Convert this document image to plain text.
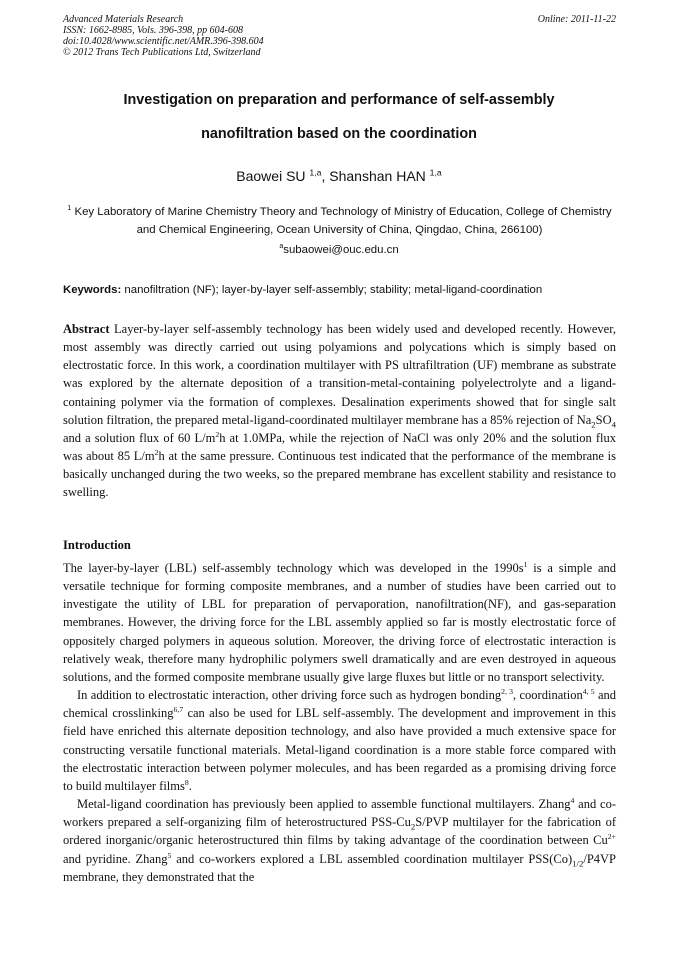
Advanced Materials Research
ISSN: 1662-8985, Vols. 396-398, pp 604-608
doi:10.4028/www.scientific.net/AMR.396-398.604
© 2012 Trans Tech Publications Ltd, Switzerland
Online: 2011-11-22
Investigation on preparation and performance of self-assembly
nanofiltration based on the coordination
Baowei SU $^{1,a}$, Shanshan HAN $^{1,a}$
$^1$ Key Laboratory of Marine Chemistry Theory and Technology of Ministry of Education, College of Chemistry and Chemical Engineering, Ocean University of China, Qingdao, China, 266100)
$^a$subaowei@ouc.edu.cn
Keywords: nanofiltration (NF); layer-by-layer self-assembly; stability; metal-ligand-coordination
Abstract Layer-by-layer self-assembly technology has been widely used and developed recently. However, most assembly was directly carried out using polyamions and polycations which is simply based on electrostatic force. In this work, a coordination multilayer with PS ultrafiltration (UF) membrane as substrate was explored by the alternate deposition of a transition-metal-containing polyelectrolyte and a ligand-containing polymer via the formation of complexes. Desalination experiments showed that for single salt solution filtration, the prepared metal-ligand-coordinated multilayer membrane has a 85% rejection of $Na_2SO_4$ and a solution flux of 60 $L/m^2h$ at 1.0MPa, while the rejection of NaCl was only 20% and the solution flux was about 85 $L/m^2h$ at the same pressure. Continuous test indicated that the performance of the membrane is basically unchanged during the two weeks, so the prepared membrane has excellent stability and resistance to swelling.
Introduction

The layer-by-layer (LBL) self-assembly technology which was developed in the $1990s^1$ is a simple and versatile technique for forming composite membranes, and a number of studies have been carried out to investigate the utility of LBL for preparation of pervaporation, nanofiltration(NF), and gas-separation membranes. However, the driving force for the LBL assembly applied so far is mostly electrostatic force of oppositely charged polymers in aqueous solution. Moreover, the driving force of electrostatic interaction is relatively weak, therefore many hydrophilic polymers swell dramatically and are even destroyed in aqueous solutions, and the formed composite membrane usually give large fluxes but little or no transport selectivity.

In addition to electrostatic interaction, other driving force such as hydrogen bonding$^{2, 3}$, coordination$^{4, 5}$ and chemical crosslinking$^{6,7}$ can also be used for LBL self-assembly. The development and improvement in this field have enriched this alternate deposition technology, and also have provided a much extensive space for constructing versatile functional materials. Metal-ligand coordination is a more stable force compared with the electrostatic interaction between polymer molecules, and has been regarded as a promising driving force to build multilayer films$^8$.

Metal-ligand coordination has previously been applied to assemble functional multilayers. Zhang$^4$ and co-workers prepared a self-organizing film of heterostructured PSS-$Cu_2S$/PVP multilayer for the fabrication of ordered inorganic/organic heterostructured thin films by taking advantage of the coordination between $Cu^{2+}$ and pyridine. Zhang$^5$ and co-workers explored a LBL assembled coordination multilayer $PSS(Co)_{1/2}/P4VP$ membrane, they demonstrated that the
